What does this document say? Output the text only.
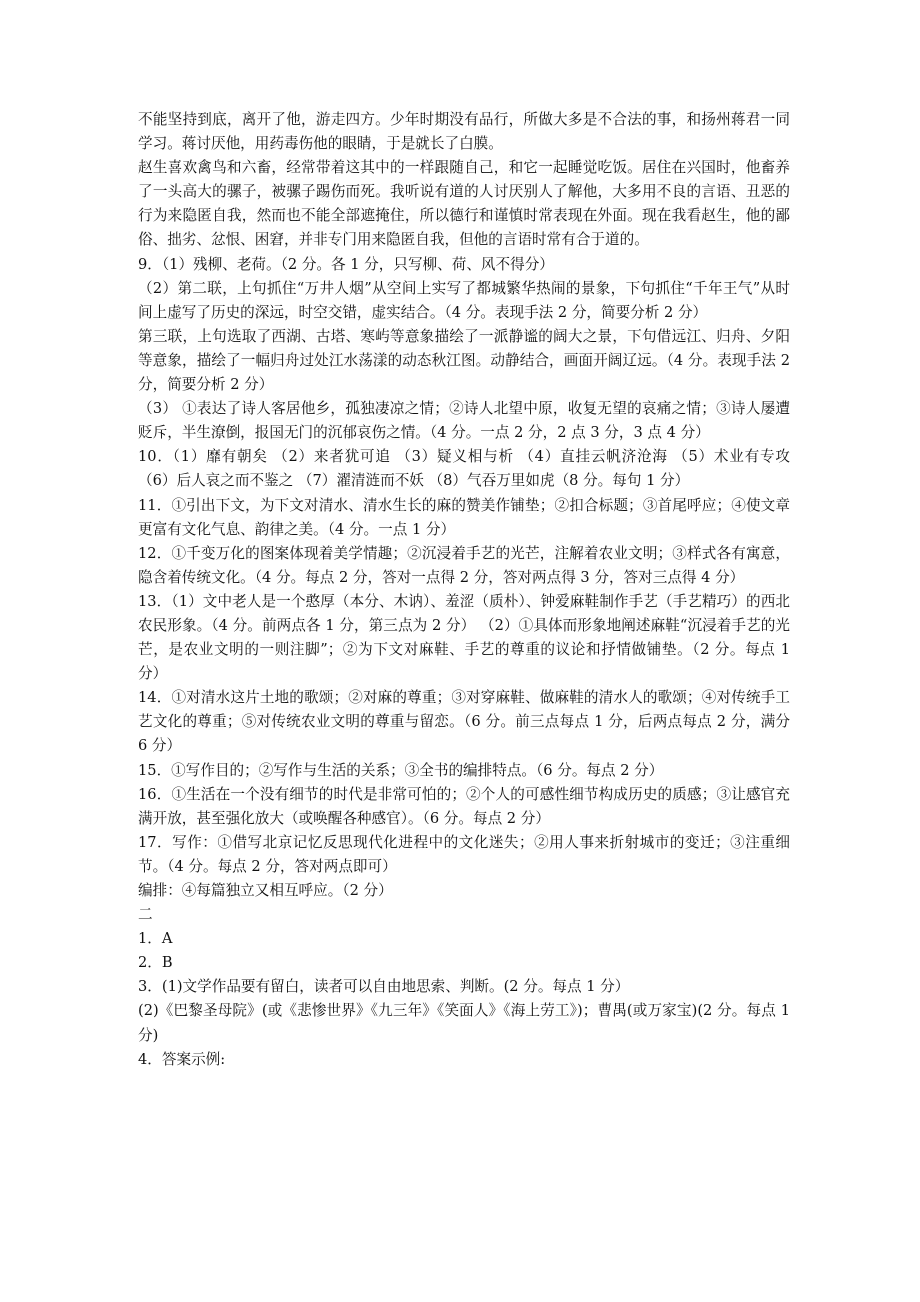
不能坚持到底，离开了他，游走四方。少年时期没有品行，所做大多是不合法的事，和扬州蒋君一同学习。蒋讨厌他，用药毒伤他的眼睛，于是就长了白膜。

赵生喜欢禽鸟和六畜，经常带着这其中的一样跟随自己，和它一起睡觉吃饭。居住在兴国时，他畜养了一头高大的骡子，被骡子踢伤而死。我听说有道的人讨厌别人了解他，大多用不良的言语、丑恶的行为来隐匿自我，然而也不能全部遮掩住，所以德行和谨慎时常表现在外面。现在我看赵生，他的鄙俗、拙劣、忿恨、困窘，并非专门用来隐匿自我，但他的言语时常有合于道的。

9．（1）残柳、老荷。（2 分。各 1 分，只写柳、荷、风不得分）

（2）第二联，上句抓住“万井人烟”从空间上实写了都城繁华热闹的景象，下句抓住“千年王气”从时间上虚写了历史的深远，时空交错，虚实结合。（4 分。表现手法 2 分，简要分析 2 分）

第三联，上句选取了西湖、古塔、寒屿等意象描绘了一派静谧的阔大之景，下句借远江、归舟、夕阳等意象，描绘了一幅归舟过处江水荡漾的动态秋江图。动静结合，画面开阔辽远。（4 分。表现手法 2 分，简要分析 2 分）

（3） ①表达了诗人客居他乡，孤独凄凉之情；②诗人北望中原，收复无望的哀痛之情；③诗人屡遭贬斥，半生潦倒，报国无门的沉郁哀伤之情。（4 分。一点 2 分，2 点 3 分，3 点 4 分）

10．（1）靡有朝矣 （2）来者犹可追 （3）疑义相与析 （4）直挂云帆济沧海 （5）术业有专攻 （6）后人哀之而不鉴之 （7）濯清涟而不妖 （8）气吞万里如虎（8 分。每句 1 分）

11．①引出下文，为下文对清水、清水生长的麻的赞美作铺垫；②扣合标题；③首尾呼应；④使文章更富有文化气息、韵律之美。（4 分。一点 1 分）

12．①千变万化的图案体现着美学情趣；②沉浸着手艺的光芒，注解着农业文明；③样式各有寓意，隐含着传统文化。（4 分。每点 2 分，答对一点得 2 分，答对两点得 3 分，答对三点得 4 分）

13．（1）文中老人是一个憨厚（本分、木讷）、羞涩（质朴）、钟爱麻鞋制作手艺（手艺精巧）的西北农民形象。（4 分。前两点各 1 分，第三点为 2 分） （2）①具体而形象地阐述麻鞋“沉浸着手艺的光芒，是农业文明的一则注脚”；②为下文对麻鞋、手艺的尊重的议论和抒情做铺垫。（2 分。每点 1 分）

14．①对清水这片土地的歌颂；②对麻的尊重；③对穿麻鞋、做麻鞋的清水人的歌颂；④对传统手工艺文化的尊重；⑤对传统农业文明的尊重与留恋。（6 分。前三点每点 1 分，后两点每点 2 分，满分 6 分）

15．①写作目的；②写作与生活的关系；③全书的编排特点。（6 分。每点 2 分）

16．①生活在一个没有细节的时代是非常可怕的；②个人的可感性细节构成历史的质感；③让感官充满开放，甚至强化放大（或唤醒各种感官）。（6 分。每点 2 分）

17．写作：①借写北京记忆反思现代化进程中的文化迷失；②用人事来折射城市的变迁；③注重细节。（4 分。每点 2 分，答对两点即可）

编排：④每篇独立又相互呼应。（2 分）

二

1．A

2．B

3．(1)文学作品要有留白，读者可以自由地思索、判断。(2 分。每点 1 分）

(2)《巴黎圣母院》(或《悲惨世界》《九三年》《笑面人》《海上劳工》)；曹禺(或万家宝)(2 分。每点 1 分)

4．答案示例:
